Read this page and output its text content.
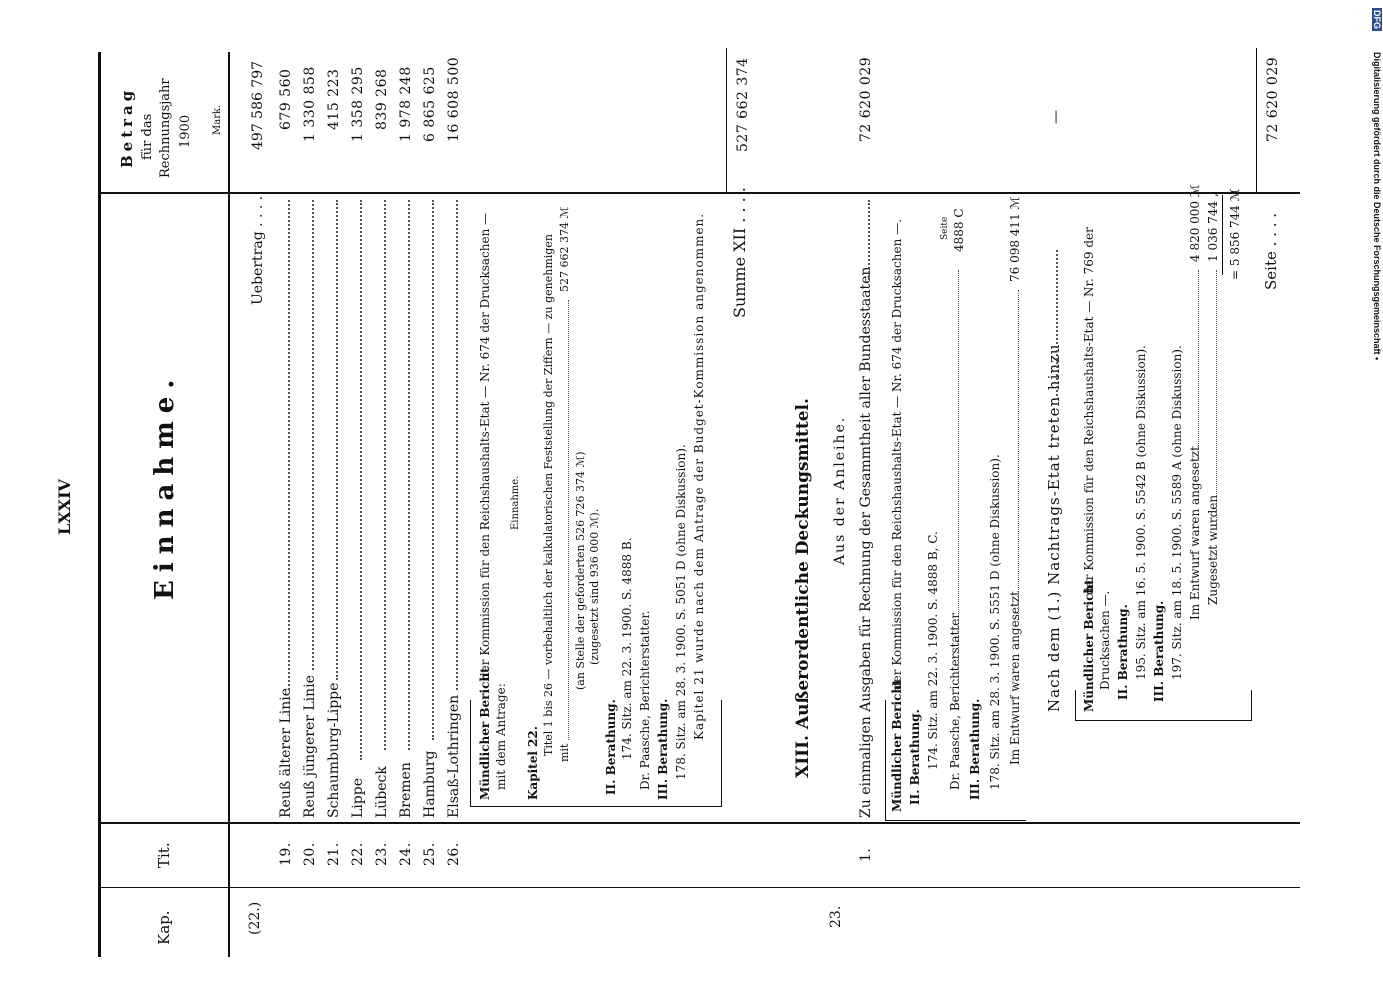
LXXIV
Kap.
Tit.
Einnahme.
Betrag für das Rechnungsjahr 1900 Mark.
(22.)	23.
Uebertrag . . . .
497 586 797
19.
Reuß älterer Linie
679 560
20.
Reuß jüngerer Linie
1 330 858
21.
Schaumburg-Lippe
415 223
22.
Lippe
1 358 295
23.
Lübeck
839 268
24.
Bremen
1 978 248
25.
Hamburg
6 865 625
26.
Elsaß-Lothringen
16 608 500
Mündlicher Bericht
der Kommission für den Reichshaushalts-Etat — Nr. 674 der Drucksachen —
mit dem Antrage:
Einnahme.
Kapitel 22.
Titel 1 bis 26 — vorbehaltlich der kalkulatorischen Feststellung der Ziffern — zu genehmigen mit
527 662 374 ℳ
(an Stelle der geforderten 526 726 374 ℳ) (zugesetzt sind 936 000 ℳ).
II. Berathung. 174. Sitz. am 22. 3. 1900. S. 4888 B. Dr. Paasche, Berichterstatter. III. Berathung. 178. Sitz. am 28. 3. 1900. S. 5051 D (ohne Diskussion). Kapitel 21 wurde nach dem Antrage der Budget-Kommission angenommen. Summe XII . . . .
527 662 374
XIII. Außerordentliche Deckungsmittel. Aus der Anleihe.
1.
Zu einmaligen Ausgaben für Rechnung der Gesammtheit aller Bundesstaaten
72 620 029
Mündlicher Bericht
der Kommission für den Reichshaushalts-Etat — Nr. 674 der Drucksachen —.
II. Berathung. 174. Sitz. am 22. 3. 1900. S. 4888 B, C. Dr. Paasche, Berichterstatter
Seite 4888 C
III. Berathung. 178. Sitz. am 28. 3. 1900. S. 5551 D (ohne Diskussion). Im Entwurf waren angesetzt
76 098 411 ℳ
Nach dem (1.) Nachtrags-Etat treten hinzu
—
Mündlicher Bericht
der Kommission für den Reichshaushalts-Etat — Nr. 769 der
Drucksachen —. II. Berathung. 195. Sitz. am 16. 5. 1900. S. 5542 B (ohne Diskussion). III. Berathung. 197. Sitz. am 18. 5. 1900. S. 5589 A (ohne Diskussion). Im Entwurf waren angesetzt
4 820 000 ℳ
Zugesetzt wurden
1 036 744 „ = 5 856 744 ℳ Seite . . . .
72 620 029	Digitalisierung gefördert durch die Deutsche Forschungsgemeinschaft •
DFG
